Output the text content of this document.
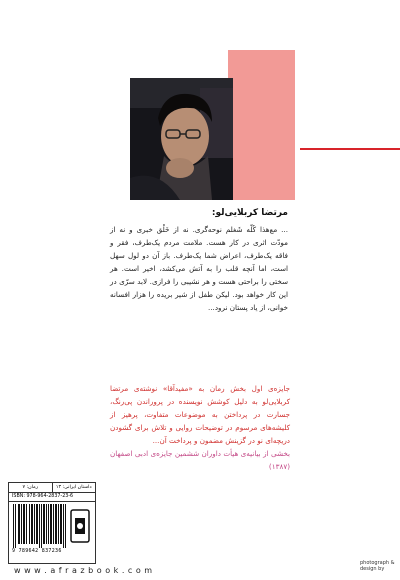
مرتضا کربلایی‌لو:

... مع‌هذا کُلّه شَغلم نوحه‌گری. نه از خَلْق خبری و نه از مودّت اثری در کار هست. ملامت مردم یک‌طرف، فقر و فاقه یک‌طرف، اعراض شما یک‌طرف. باز آن دو لول سهل است، اما آنچه قلب را به آتش می‌کشد، اخیر است. هر سختی را براحتی هست و هر نشیبی را فرازی. لابد سرّی در این کار خواهد بود. لیکن طفل از شیر بریده را هزار افسانه خوانی، از یاد پستان نرود...

جایزه‌ی اول بخش رمان به «مفیدآقا» نوشته‌ی مرتضا کربلایی‌لو به دلیل کوشش نویسنده در پروراندن پی‌رنگ، جسارت در پرداختن به موضوعات متفاوت، پرهیز از کلیشه‌های مرسوم در توضیحات روایی و تلاش برای گشودن دریچه‌ای نو در گزینش مضمون و پرداخت آن...

بخشی از بیانیه‌ی هیأت داوران ششمین جایزه‌ی ادبی اصفهان (۱۳۸۷)

داستان ایرانی: ۱۳
رمان: ۷
ISBN: 978-964-2837-23-6
9 789642 837236
w w w . a f r a z b o o k . c o m
photograph &
design by
